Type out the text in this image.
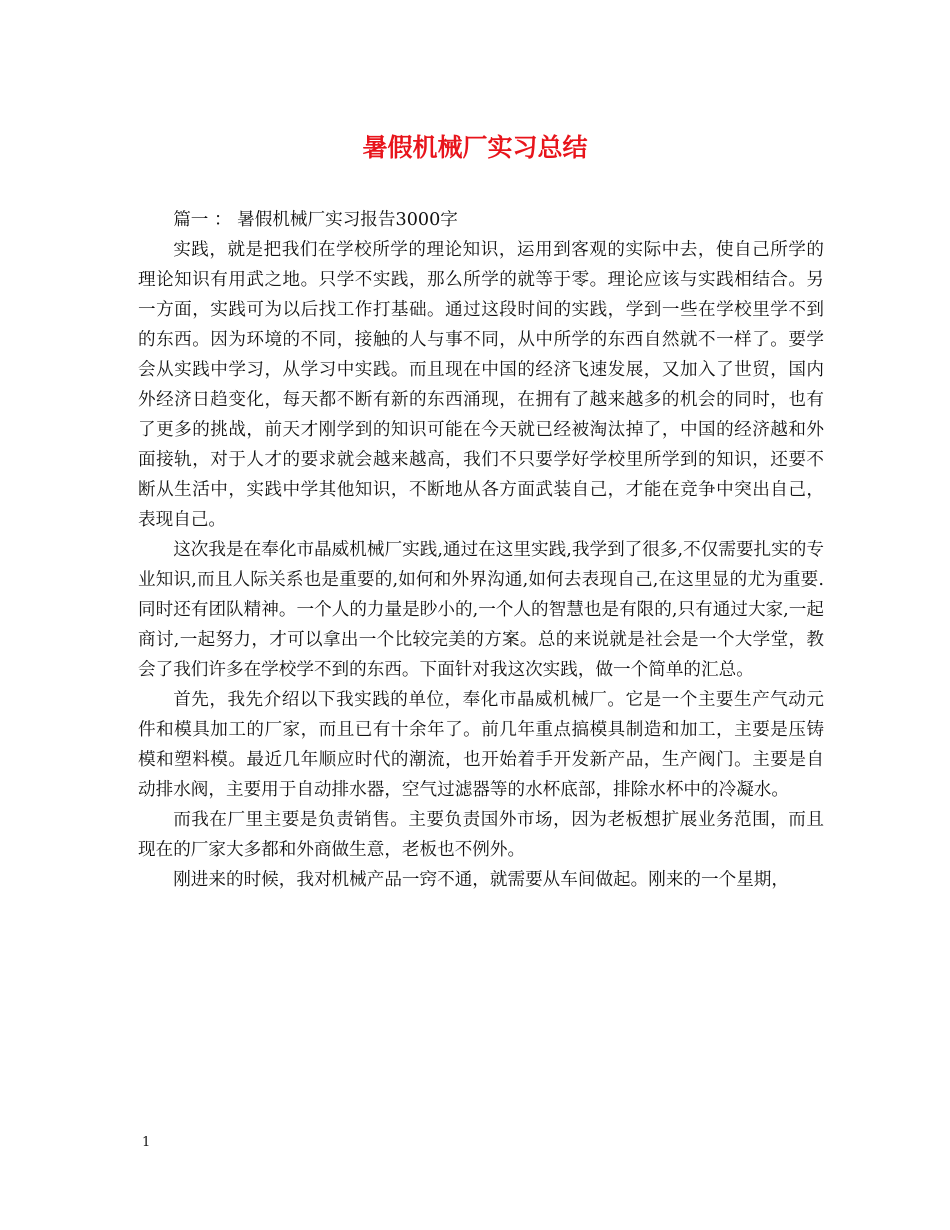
暑假机械厂实习总结

篇一 ： 暑假机械厂实习报告3000字

实践，就是把我们在学校所学的理论知识，运用到客观的实际中去，使自己所学的理论知识有用武之地。只学不实践，那么所学的就等于零。理论应该与实践相结合。另一方面，实践可为以后找工作打基础。通过这段时间的实践，学到一些在学校里学不到的东西。因为环境的不同，接触的人与事不同，从中所学的东西自然就不一样了。要学会从实践中学习，从学习中实践。而且现在中国的经济飞速发展，又加入了世贸，国内外经济日趋变化，每天都不断有新的东西涌现，在拥有了越来越多的机会的同时，也有了更多的挑战，前天才刚学到的知识可能在今天就已经被淘汰掉了，中国的经济越和外面接轨，对于人才的要求就会越来越高，我们不只要学好学校里所学到的知识，还要不断从生活中，实践中学其他知识，不断地从各方面武装自己，才能在竞争中突出自己，表现自己。

这次我是在奉化市晶威机械厂实践,通过在这里实践,我学到了很多,不仅需要扎实的专业知识,而且人际关系也是重要的,如何和外界沟通,如何去表现自己,在这里显的尤为重要.同时还有团队精神。一个人的力量是眇小的,一个人的智慧也是有限的,只有通过大家,一起商讨,一起努力，才可以拿出一个比较完美的方案。总的来说就是社会是一个大学堂，教会了我们许多在学校学不到的东西。下面针对我这次实践，做一个简单的汇总。

首先，我先介绍以下我实践的单位，奉化市晶威机械厂。它是一个主要生产气动元件和模具加工的厂家，而且已有十余年了。前几年重点搞模具制造和加工，主要是压铸模和塑料模。最近几年顺应时代的潮流，也开始着手开发新产品，生产阀门。主要是自动排水阀，主要用于自动排水器，空气过滤器等的水杯底部，排除水杯中的冷凝水。

而我在厂里主要是负责销售。主要负责国外市场，因为老板想扩展业务范围，而且现在的厂家大多都和外商做生意，老板也不例外。

刚进来的时候，我对机械产品一窍不通，就需要从车间做起。刚来的一个星期，

1
